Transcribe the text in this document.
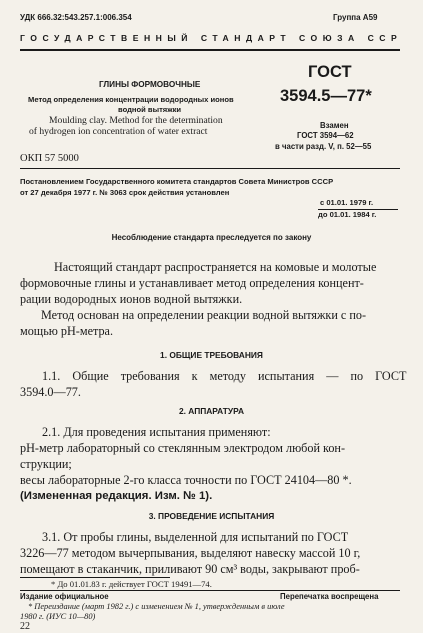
УДК 666.32:543.257.1:006.354	Группа А59
ГОСУДАРСТВЕННЫЙ СТАНДАРТ СОЮЗА ССР
ГЛИНЫ ФОРМОВОЧНЫЕ
Метод определения концентрации водородных ионов
водной вытяжки
Moulding clay. Method for the determination
of hydrogen ion concentration of water extract
ГОСТ
3594.5—77*
Взамен
ГОСТ 3594—62
в части разд. V, п. 52—55
ОКП 57 5000
Постановлением Государственного комитета стандартов Совета Министров СССР
от 27 декабря 1977 г. № 3063 срок действия установлен
с 01.01. 1979 г.
до 01.01. 1984 г.
Несоблюдение стандарта преследуется по закону
Настоящий стандарт распространяется на комовые и молотые
формовочные глины и устанавливает метод определения концент-
рации водородных ионов водной вытяжки.
Метод основан на определении реакции водной вытяжки с по-
мощью pH-метра.
1. ОБЩИЕ ТРЕБОВАНИЯ
1.1. Общие требования к методу испытания — по ГОСТ
3594.0—77.
2. АППАРАТУРА
2.1. Для проведения испытания применяют:
pH-метр лабораторный со стеклянным электродом любой кон-
струкции;
весы лабораторные 2-го класса точности по ГОСТ 24104—80 *.
(Измененная редакция. Изм. № 1).
3. ПРОВЕДЕНИЕ ИСПЫТАНИЯ
3.1. От пробы глины, выделенной для испытаний по ГОСТ
3226—77 методом вычерпывания, выделяют навеску массой 10 г,
помещают в стаканчик, приливают 90 см³ воды, закрывают проб-
* До 01.01.83 г. действует ГОСТ 19491—74.
Издание официальное	Перепечатка воспрещена
* Переиздание (март 1982 г.) с изменением № 1, утвержденным в июле
1980 г. (ИУС 10—80)
22
